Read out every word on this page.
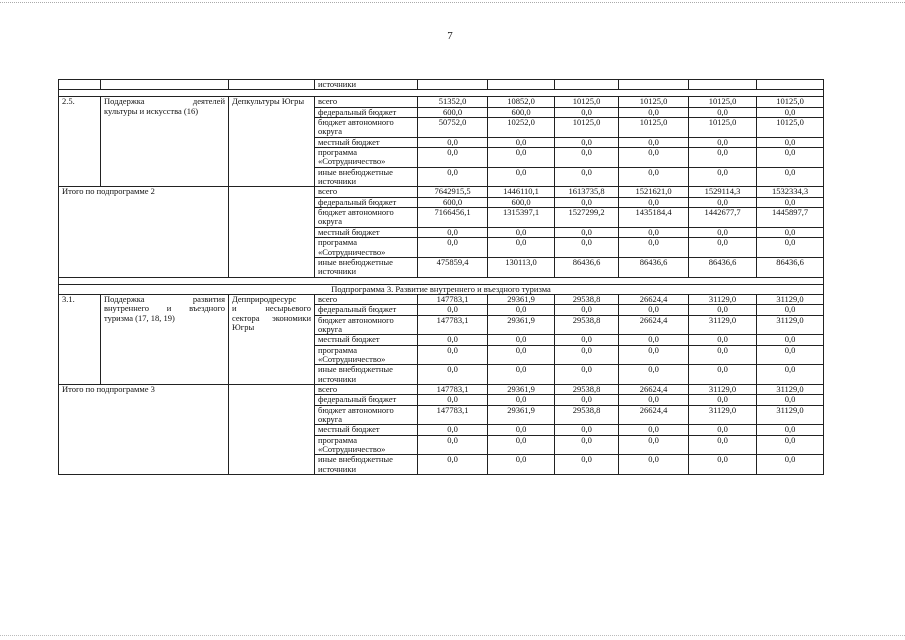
7
			источники						

2.5.	Поддержка деятелей
культуры и искусства (16)	Депкультуры Югры	всего	51352,0	10852,0	10125,0	10125,0	10125,0	10125,0
			федеральный бюджет	600,0	600,0	0,0	0,0	0,0	0,0
			бюджет автономного округа	50752,0	10252,0	10125,0	10125,0	10125,0	10125,0
			местный бюджет	0,0	0,0	0,0	0,0	0,0	0,0
			программа «Сотрудничество»	0,0	0,0	0,0	0,0	0,0	0,0
			иные внебюджетные источники	0,0	0,0	0,0	0,0	0,0	0,0
Итого по подпрограмме 2			всего	7642915,5	1446110,1	1613735,8	1521621,0	1529114,3	1532334,3
			федеральный бюджет	600,0	600,0	0,0	0,0	0,0	0,0
			бюджет автономного округа	7166456,1	1315397,1	1527299,2	1435184,4	1442677,7	1445897,7
			местный бюджет	0,0	0,0	0,0	0,0	0,0	0,0
			программа «Сотрудничество»	0,0	0,0	0,0	0,0	0,0	0,0
			иные внебюджетные источники	475859,4	130113,0	86436,6	86436,6	86436,6	86436,6

Подпрограмма 3. Развитие внутреннего и въездного туризма									
3.1.	Поддержка развития
внутреннего и въездного
туризма (17, 18, 19)	Депприродресурс
и несырьевого
сектора экономики
Югры	всего	147783,1	29361,9	29538,8	26624,4	31129,0	31129,0
			федеральный бюджет	0,0	0,0	0,0	0,0	0,0	0,0
			бюджет автономного округа	147783,1	29361,9	29538,8	26624,4	31129,0	31129,0
			местный бюджет	0,0	0,0	0,0	0,0	0,0	0,0
			программа «Сотрудничество»	0,0	0,0	0,0	0,0	0,0	0,0
			иные внебюджетные источники	0,0	0,0	0,0	0,0	0,0	0,0
Итого по подпрограмме 3			всего	147783,1	29361,9	29538,8	26624,4	31129,0	31129,0
			федеральный бюджет	0,0	0,0	0,0	0,0	0,0	0,0
			бюджет автономного округа	147783,1	29361,9	29538,8	26624,4	31129,0	31129,0
			местный бюджет	0,0	0,0	0,0	0,0	0,0	0,0
			программа «Сотрудничество»	0,0	0,0	0,0	0,0	0,0	0,0
			иные внебюджетные источники	0,0	0,0	0,0	0,0	0,0	0,0
